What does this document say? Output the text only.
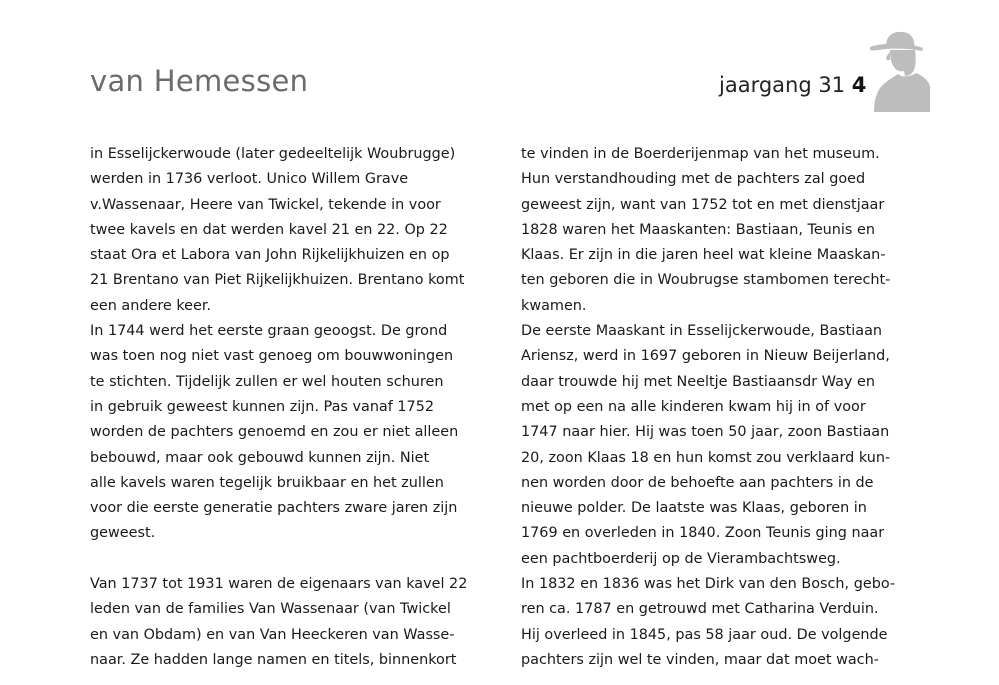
van Hemessen	jaargang 31 4
in Esselijckerwoude (later gedeeltelijk Woubrugge)
werden in 1736 verloot. Unico Willem Grave
v.Wassenaar, Heere van Twickel, tekende in voor
twee kavels en dat werden kavel 21 en 22. Op 22
staat Ora et Labora van John Rijkelijkhuizen en op
21 Brentano van Piet Rijkelijkhuizen. Brentano komt
een andere keer.
In 1744 werd het eerste graan geoogst. De grond
was toen nog niet vast genoeg om bouwwoningen
te stichten. Tijdelijk zullen er wel houten schuren
in gebruik geweest kunnen zijn. Pas vanaf 1752
worden de pachters genoemd en zou er niet alleen
bebouwd, maar ook gebouwd kunnen zijn. Niet
alle kavels waren tegelijk bruikbaar en het zullen
voor die eerste generatie pachters zware jaren zijn
geweest.
Van 1737 tot 1931 waren de eigenaars van kavel 22
leden van de families Van Wassenaar (van Twickel
en van Obdam) en van Van Heeckeren van Wasse-
naar. Ze hadden lange namen en titels, binnenkort
te vinden in de Boerderijenmap van het museum.
Hun verstandhouding met de pachters zal goed
geweest zijn, want van 1752 tot en met dienstjaar
1828 waren het Maaskanten: Bastiaan, Teunis en
Klaas. Er zijn in die jaren heel wat kleine Maaskan-
ten geboren die in Woubrugse stambomen terecht-
kwamen.
De eerste Maaskant in Esselijckerwoude, Bastiaan
Ariensz, werd in 1697 geboren in Nieuw Beijerland,
daar trouwde hij met Neeltje Bastiaansdr Way en
met op een na alle kinderen kwam hij in of voor
1747 naar hier. Hij was toen 50 jaar, zoon Bastiaan
20, zoon Klaas 18 en hun komst zou verklaard kun-
nen worden door de behoefte aan pachters in de
nieuwe polder. De laatste was Klaas, geboren in
1769 en overleden in 1840. Zoon Teunis ging naar
een pachtboerderij op de Vierambachtsweg.
In 1832 en 1836 was het Dirk van den Bosch, gebo-
ren ca. 1787 en getrouwd met Catharina Verduin.
Hij overleed in 1845, pas 58 jaar oud. De volgende
pachters zijn wel te vinden, maar dat moet wach-
